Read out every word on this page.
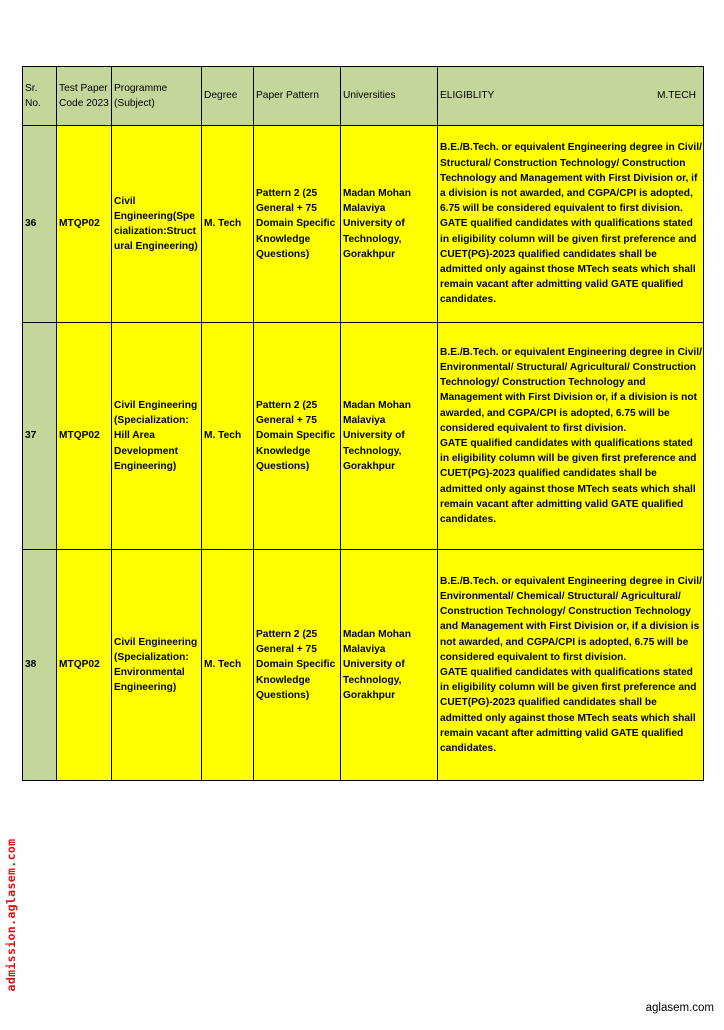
Sr. No.	Test Paper Code 2023	Programme (Subject)	Degree	Paper Pattern	Universities	ELIGIBLITY M.TECH

36	MTQP02	Civil Engineering(Specialization:Structural Engineering)	M. Tech	Pattern 2 (25 General + 75 Domain Specific Knowledge Questions)	Madan Mohan Malaviya University of Technology, Gorakhpur	B.E./B.Tech. or equivalent Engineering degree in Civil/ Structural/ Construction Technology/ Construction Technology and Management with First Division or, if a division is not awarded, and CGPA/CPI is adopted, 6.75 will be considered equivalent to first division.

GATE qualified candidates with qualifications stated in eligibility column will be given first preference and CUET(PG)-2023 qualified candidates shall be admitted only against those MTech seats which shall remain vacant after admitting valid GATE qualified candidates.

37	MTQP02	Civil Engineering (Specialization: Hill Area Development Engineering)	M. Tech	Pattern 2 (25 General + 75 Domain Specific Knowledge Questions)	Madan Mohan Malaviya University of Technology, Gorakhpur	B.E./B.Tech. or equivalent Engineering degree in Civil/ Environmental/ Structural/ Agricultural/ Construction Technology/ Construction Technology and Management with First Division or, if a division is not awarded, and CGPA/CPI is adopted, 6.75 will be considered equivalent to first division.

GATE qualified candidates with qualifications stated in eligibility column will be given first preference and CUET(PG)-2023 qualified candidates shall be admitted only against those MTech seats which shall remain vacant after admitting valid GATE qualified candidates.

38	MTQP02	Civil Engineering (Specialization: Environmental Engineering)	M. Tech	Pattern 2 (25 General + 75 Domain Specific Knowledge Questions)	Madan Mohan Malaviya University of Technology, Gorakhpur	B.E./B.Tech. or equivalent Engineering degree in Civil/ Environmental/ Chemical/ Structural/ Agricultural/ Construction Technology/ Construction Technology and Management with First Division or, if a division is not awarded, and CGPA/CPI is adopted, 6.75 will be considered equivalent to first division.

GATE qualified candidates with qualifications stated in eligibility column will be given first preference and CUET(PG)-2023 qualified candidates shall be admitted only against those MTech seats which shall remain vacant after admitting valid GATE qualified candidates.

admission.aglasem.com
aglasem.com
